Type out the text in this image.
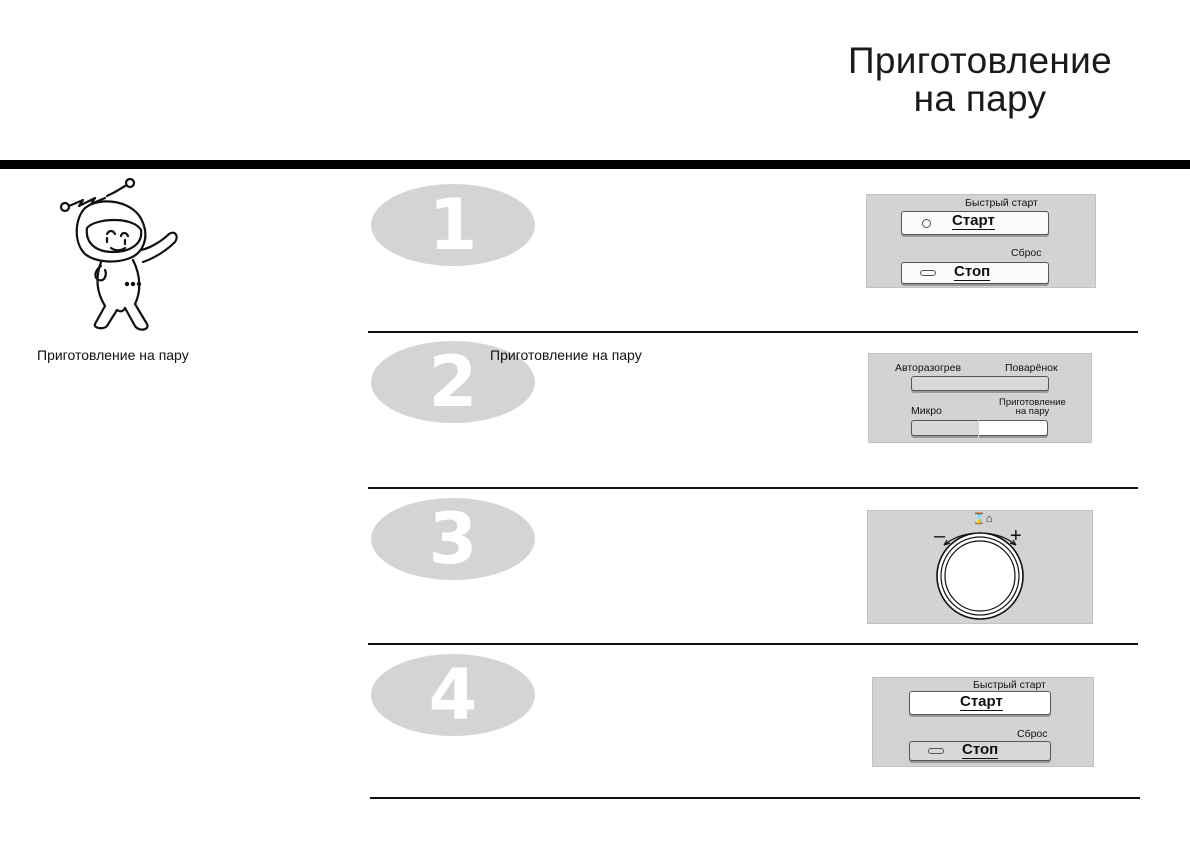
Приготовление
на пару
Приготовление на пару
1	Быстрый старт
Старт
Сброс
Стоп
2 Приготовление на пару
Авторазогрев	Поварёнок
Микро
Приготовление
на пару
3	⌛⌂
–	+
4	Быстрый старт
Старт
Сброс
Стоп
